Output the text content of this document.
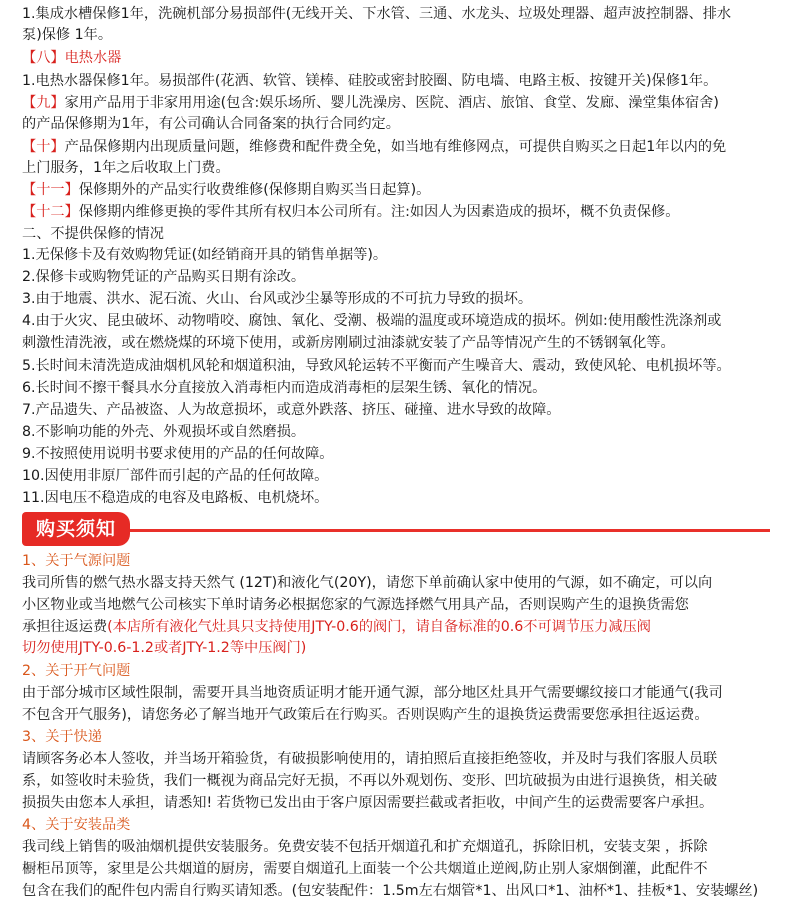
1.集成水槽保修1年，洗碗机部分易损部件(无线开关、下水管、三通、水龙头、垃圾处理器、超声波控制器、排水
泵)保修 1年。
【八】电热水器
1.电热水器保修1年。易损部件(花洒、软管、镁棒、硅胶或密封胶圈、防电墙、电路主板、按键开关)保修1年。
【九】家用产品用于非家用用途(包含:娱乐场所、婴儿洗澡房、医院、酒店、旅馆、食堂、发廊、澡堂集体宿舍)
的产品保修期为1年，有公司确认合同备案的执行合同约定。
【十】产品保修期内出现质量问题，维修费和配件费全免，如当地有维修网点，可提供自购买之日起1年以内的免
上门服务，1年之后收取上门费。
【十一】保修期外的产品实行收费维修(保修期自购买当日起算)。
【十二】保修期内维修更换的零件其所有权归本公司所有。注:如因人为因素造成的损坏，概不负责保修。
二、不提供保修的情况
1.无保修卡及有效购物凭证(如经销商开具的销售单据等)。
2.保修卡或购物凭证的产品购买日期有涂改。
3.由于地震、洪水、泥石流、火山、台风或沙尘暴等形成的不可抗力导致的损坏。
4.由于火灾、昆虫破坏、动物啃咬、腐蚀、氧化、受潮、极端的温度或环境造成的损坏。例如:使用酸性洗涤剂或
刺激性清洗液，或在燃烧煤的环境下使用，或新房刚刷过油漆就安装了产品等情况产生的不锈钢氧化等。
5.长时间未清洗造成油烟机风轮和烟道积油，导致风轮运转不平衡而产生噪音大、震动，致使风轮、电机损坏等。
6.长时间不擦干餐具水分直接放入消毒柜内而造成消毒柜的层架生锈、氧化的情况。
7.产品遗失、产品被盗、人为故意损坏，或意外跌落、挤压、碰撞、进水导致的故障。
8.不影响功能的外壳、外观损坏或自然磨损。
9.不按照使用说明书要求使用的产品的任何故障。
10.因使用非原厂部件而引起的产品的任何故障。
11.因电压不稳造成的电容及电路板、电机烧坏。
购买须知
1、关于气源问题
我司所售的燃气热水器支持天然气 (12T)和液化气(20Y)，请您下单前确认家中使用的气源，如不确定，可以向
小区物业或当地燃气公司核实下单时请务必根据您家的气源选择燃气用具产品，否则误购产生的退换货需您
承担往返运费(本店所有液化气灶具只支持使用JTY-0.6的阀门，请自备标准的0.6不可调节压力减压阀
切勿使用JTY-0.6-1.2或者JTY-1.2等中压阀门)
2、关于开气问题
由于部分城市区域性限制，需要开具当地资质证明才能开通气源，部分地区灶具开气需要螺纹接口才能通气(我司
不包含开气服务)，请您务必了解当地开气政策后在行购买。否则误购产生的退换货运费需要您承担往返运费。
3、关于快递
请顾客务必本人签收，并当场开箱验货，有破损影响使用的，请拍照后直接拒绝签收，并及时与我们客服人员联
系，如签收时未验货，我们一概视为商品完好无损，不再以外观划伤、变形、凹坑破损为由进行退换货，相关破
损损失由您本人承担，请悉知! 若货物已发出由于客户原因需要拦截或者拒收，中间产生的运费需要客户承担。
4、关于安装品类
我司线上销售的吸油烟机提供安装服务。免费安装不包括开烟道孔和扩充烟道孔，拆除旧机，安装支架 ，拆除
橱柜吊顶等，家里是公共烟道的厨房，需要自烟道孔上面装一个公共烟道止逆阀,防止别人家烟倒灌，此配件不
包含在我们的配件包内需自行购买请知悉。(包安装配件：1.5m左右烟管*1、出风口*1、油杯*1、挂板*1、安装螺丝)
